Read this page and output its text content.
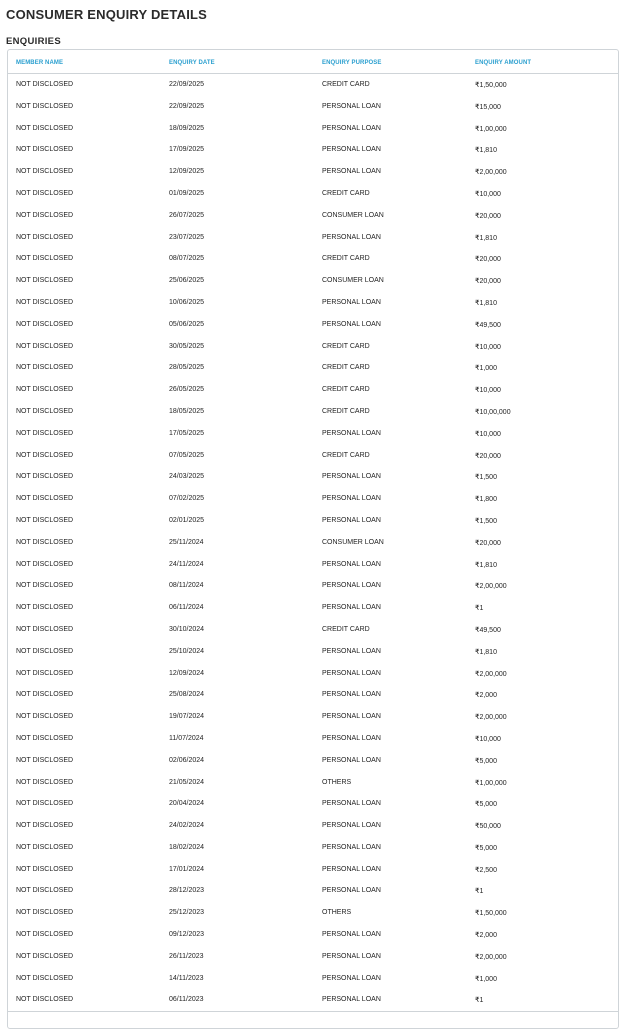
CONSUMER ENQUIRY DETAILS
ENQUIRIES
MEMBER NAME	ENQUIRY DATE	ENQUIRY PURPOSE	ENQUIRY AMOUNT
NOT DISCLOSED	22/09/2025	CREDIT CARD	₹1,50,000
NOT DISCLOSED	22/09/2025	PERSONAL LOAN	₹15,000
NOT DISCLOSED	18/09/2025	PERSONAL LOAN	₹1,00,000
NOT DISCLOSED	17/09/2025	PERSONAL LOAN	₹1,810
NOT DISCLOSED	12/09/2025	PERSONAL LOAN	₹2,00,000
NOT DISCLOSED	01/09/2025	CREDIT CARD	₹10,000
NOT DISCLOSED	26/07/2025	CONSUMER LOAN	₹20,000
NOT DISCLOSED	23/07/2025	PERSONAL LOAN	₹1,810
NOT DISCLOSED	08/07/2025	CREDIT CARD	₹20,000
NOT DISCLOSED	25/06/2025	CONSUMER LOAN	₹20,000
NOT DISCLOSED	10/06/2025	PERSONAL LOAN	₹1,810
NOT DISCLOSED	05/06/2025	PERSONAL LOAN	₹49,500
NOT DISCLOSED	30/05/2025	CREDIT CARD	₹10,000
NOT DISCLOSED	28/05/2025	CREDIT CARD	₹1,000
NOT DISCLOSED	26/05/2025	CREDIT CARD	₹10,000
NOT DISCLOSED	18/05/2025	CREDIT CARD	₹10,00,000
NOT DISCLOSED	17/05/2025	PERSONAL LOAN	₹10,000
NOT DISCLOSED	07/05/2025	CREDIT CARD	₹20,000
NOT DISCLOSED	24/03/2025	PERSONAL LOAN	₹1,500
NOT DISCLOSED	07/02/2025	PERSONAL LOAN	₹1,800
NOT DISCLOSED	02/01/2025	PERSONAL LOAN	₹1,500
NOT DISCLOSED	25/11/2024	CONSUMER LOAN	₹20,000
NOT DISCLOSED	24/11/2024	PERSONAL LOAN	₹1,810
NOT DISCLOSED	08/11/2024	PERSONAL LOAN	₹2,00,000
NOT DISCLOSED	06/11/2024	PERSONAL LOAN	₹1
NOT DISCLOSED	30/10/2024	CREDIT CARD	₹49,500
NOT DISCLOSED	25/10/2024	PERSONAL LOAN	₹1,810
NOT DISCLOSED	12/09/2024	PERSONAL LOAN	₹2,00,000
NOT DISCLOSED	25/08/2024	PERSONAL LOAN	₹2,000
NOT DISCLOSED	19/07/2024	PERSONAL LOAN	₹2,00,000
NOT DISCLOSED	11/07/2024	PERSONAL LOAN	₹10,000
NOT DISCLOSED	02/06/2024	PERSONAL LOAN	₹5,000
NOT DISCLOSED	21/05/2024	OTHERS	₹1,00,000
NOT DISCLOSED	20/04/2024	PERSONAL LOAN	₹5,000
NOT DISCLOSED	24/02/2024	PERSONAL LOAN	₹50,000
NOT DISCLOSED	18/02/2024	PERSONAL LOAN	₹5,000
NOT DISCLOSED	17/01/2024	PERSONAL LOAN	₹2,500
NOT DISCLOSED	28/12/2023	PERSONAL LOAN	₹1
NOT DISCLOSED	25/12/2023	OTHERS	₹1,50,000
NOT DISCLOSED	09/12/2023	PERSONAL LOAN	₹2,000
NOT DISCLOSED	26/11/2023	PERSONAL LOAN	₹2,00,000
NOT DISCLOSED	14/11/2023	PERSONAL LOAN	₹1,000
NOT DISCLOSED	06/11/2023	PERSONAL LOAN	₹1
